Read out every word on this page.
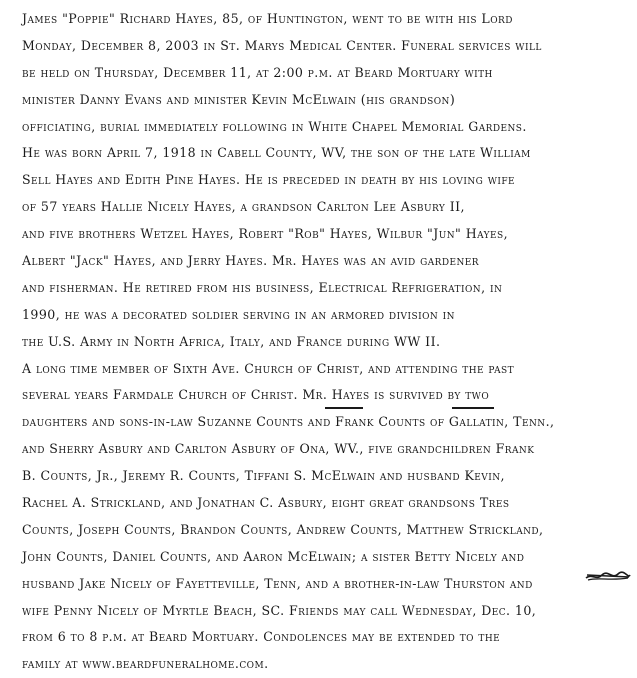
James "Poppie" Richard Hayes, 85, of Huntington, went to be with his Lord
Monday, December 8, 2003 in St. Marys Medical Center. Funeral services will
be held on Thursday, December 11, at 2:00 p.m. at Beard Mortuary with
minister Danny Evans and minister Kevin McElwain (his grandson)
officiating, burial immediately following in White Chapel Memorial Gardens.
He was born April 7, 1918 in Cabell County, WV, the son of the late William
Sell Hayes and Edith Pine Hayes. He is preceded in death by his loving wife
of 57 years Hallie Nicely Hayes, a grandson Carlton Lee Asbury II,
and five brothers Wetzel Hayes, Robert "Rob" Hayes, Wilbur "Jun" Hayes,
Albert "Jack" Hayes, and Jerry Hayes. Mr. Hayes was an avid gardener
and fisherman. He retired from his business, Electrical Refrigeration, in
1990, he was a decorated soldier serving in an armored division in
the U.S. Army in North Africa, Italy, and France during WW II.
A long time member of Sixth Ave. Church of Christ, and attending the past
several years Farmdale Church of Christ. Mr. Hayes is survived by two
daughters and sons-in-law Suzanne Counts and Frank Counts of Gallatin, Tenn.,
and Sherry Asbury and Carlton Asbury of Ona, WV., five grandchildren Frank
B. Counts, Jr., Jeremy R. Counts, Tiffani S. McElwain and husband Kevin,
Rachel A. Strickland, and Jonathan C. Asbury, eight great grandsons Tres
Counts, Joseph Counts, Brandon Counts, Andrew Counts, Matthew Strickland,
John Counts, Daniel Counts, and Aaron McElwain; a sister Betty Nicely and
husband Jake Nicely of Fayetteville, Tenn, and a brother-in-law Thurston and
wife Penny Nicely of Myrtle Beach, SC. Friends may call Wednesday, Dec. 10,
from 6 to 8 p.m. at Beard Mortuary. Condolences may be extended to the
family at www.beardfuneralhome.com.
